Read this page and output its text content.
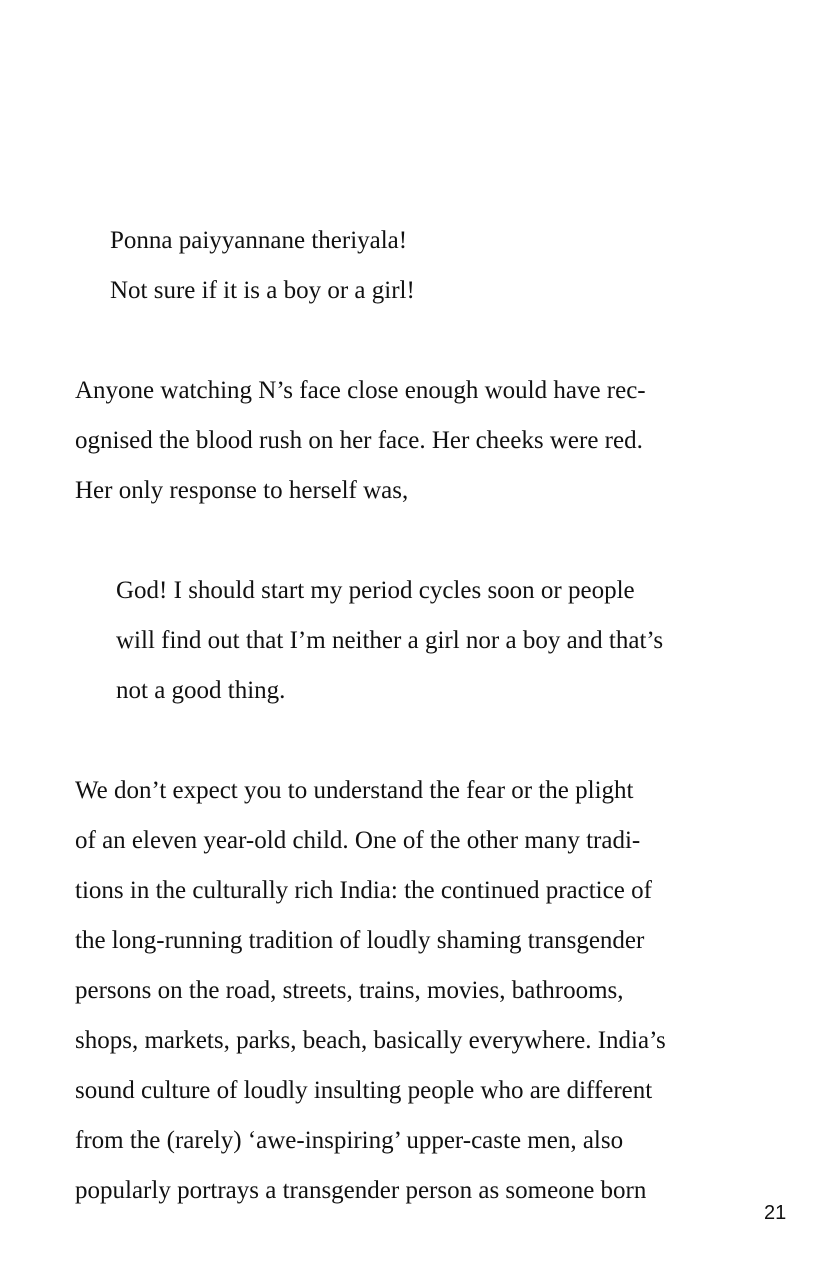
Ponna paiyyannane theriyala!

Not sure if it is a boy or a girl!

Anyone watching N’s face close enough would have rec-

ognised the blood rush on her face. Her cheeks were red.

Her only response to herself was,

God! I should start my period cycles soon or people

will find out that I’m neither a girl nor a boy and that’s

not a good thing.

We don’t expect you to understand the fear or the plight

of an eleven year-old child. One of the other many tradi-

tions in the culturally rich India: the continued practice of

the long-running tradition of loudly shaming transgender

persons on the road, streets, trains, movies, bathrooms,

shops, markets, parks, beach, basically everywhere. India’s

sound culture of loudly insulting people who are different

from the (rarely) ‘awe-inspiring’ upper-caste men, also

popularly portrays a transgender person as someone born

21
